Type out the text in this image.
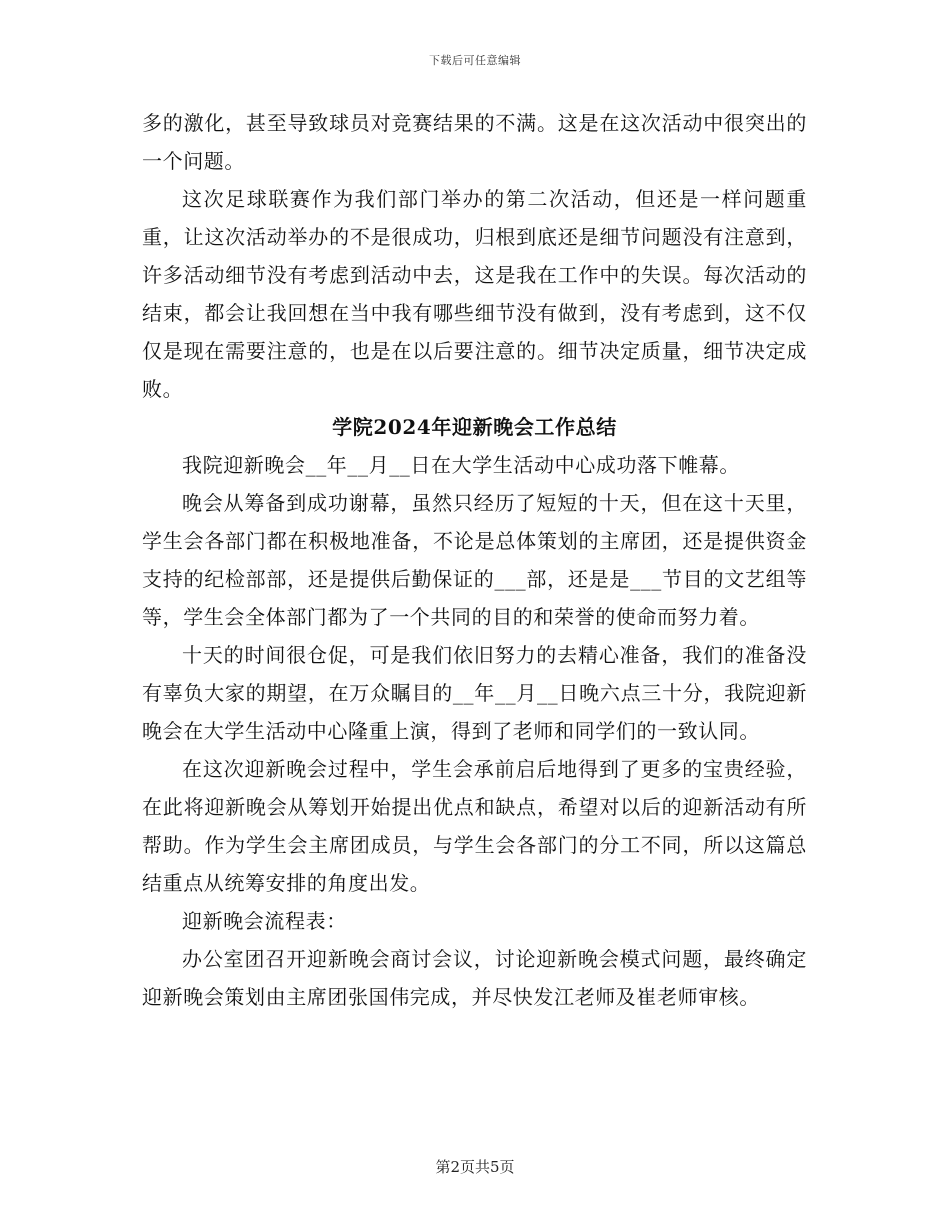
下载后可任意编辑

多的激化，甚至导致球员对竞赛结果的不满。这是在这次活动中很突出的一个问题。

这次足球联赛作为我们部门举办的第二次活动，但还是一样问题重重，让这次活动举办的不是很成功，归根到底还是细节问题没有注意到，许多活动细节没有考虑到活动中去，这是我在工作中的失误。每次活动的结束，都会让我回想在当中我有哪些细节没有做到，没有考虑到，这不仅仅是现在需要注意的，也是在以后要注意的。细节决定质量，细节决定成败。

学院2024年迎新晚会工作总结

我院迎新晚会__年__月__日在大学生活动中心成功落下帷幕。

晚会从筹备到成功谢幕，虽然只经历了短短的十天，但在这十天里，学生会各部门都在积极地准备，不论是总体策划的主席团，还是提供资金支持的纪检部部，还是提供后勤保证的___部，还是是___节目的文艺组等等，学生会全体部门都为了一个共同的目的和荣誉的使命而努力着。

十天的时间很仓促，可是我们依旧努力的去精心准备，我们的准备没有辜负大家的期望，在万众瞩目的__年__月__日晚六点三十分，我院迎新晚会在大学生活动中心隆重上演，得到了老师和同学们的一致认同。

在这次迎新晚会过程中，学生会承前启后地得到了更多的宝贵经验，在此将迎新晚会从筹划开始提出优点和缺点，希望对以后的迎新活动有所帮助。作为学生会主席团成员，与学生会各部门的分工不同，所以这篇总结重点从统筹安排的角度出发。

迎新晚会流程表：

办公室团召开迎新晚会商讨会议，讨论迎新晚会模式问题，最终确定迎新晚会策划由主席团张国伟完成，并尽快发江老师及崔老师审核。

第2页共5页
